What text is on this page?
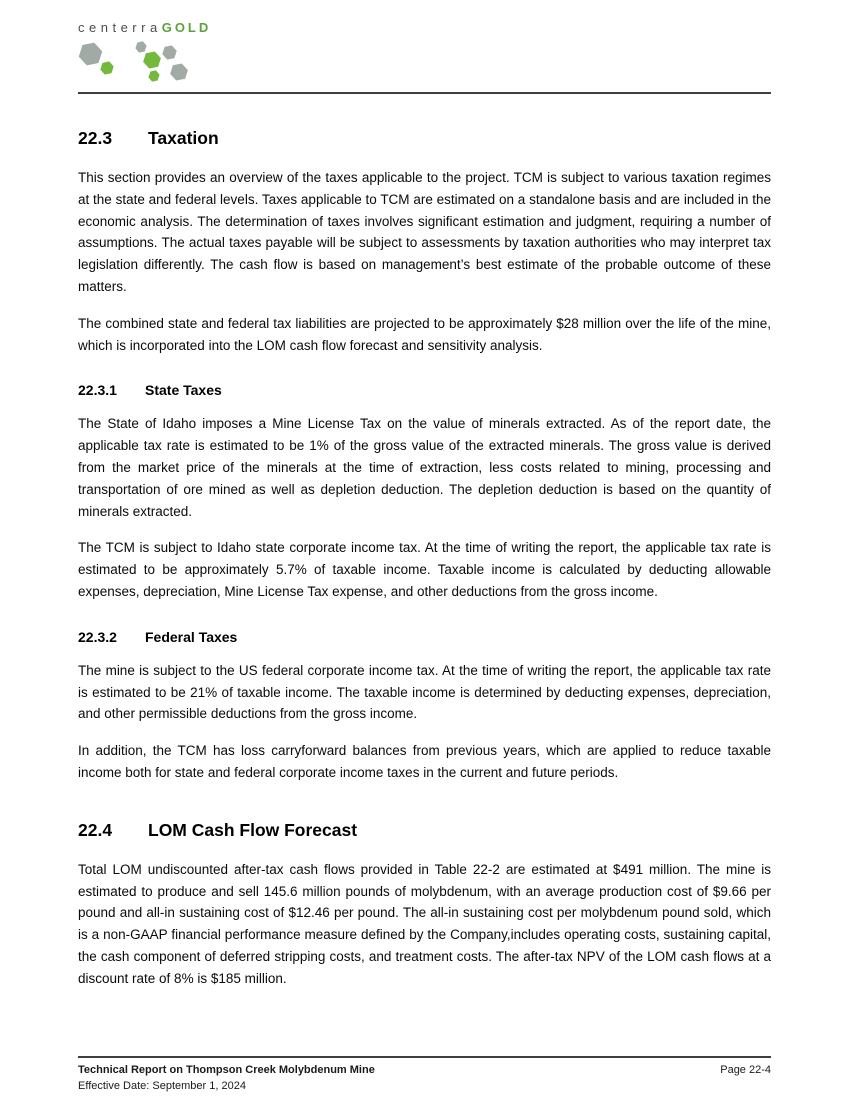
centerraGOLD
22.3	Taxation

This section provides an overview of the taxes applicable to the project. TCM is subject to various taxation regimes at the state and federal levels. Taxes applicable to TCM are estimated on a standalone basis and are included in the economic analysis. The determination of taxes involves significant estimation and judgment, requiring a number of assumptions. The actual taxes payable will be subject to assessments by taxation authorities who may interpret tax legislation differently. The cash flow is based on management’s best estimate of the probable outcome of these matters.

The combined state and federal tax liabilities are projected to be approximately $28 million over the life of the mine, which is incorporated into the LOM cash flow forecast and sensitivity analysis.

22.3.1	State Taxes

The State of Idaho imposes a Mine License Tax on the value of minerals extracted. As of the report date, the applicable tax rate is estimated to be 1% of the gross value of the extracted minerals. The gross value is derived from the market price of the minerals at the time of extraction, less costs related to mining, processing and transportation of ore mined as well as depletion deduction. The depletion deduction is based on the quantity of minerals extracted.

The TCM is subject to Idaho state corporate income tax. At the time of writing the report, the applicable tax rate is estimated to be approximately 5.7% of taxable income. Taxable income is calculated by deducting allowable expenses, depreciation, Mine License Tax expense, and other deductions from the gross income.

22.3.2	Federal Taxes

The mine is subject to the US federal corporate income tax. At the time of writing the report, the applicable tax rate is estimated to be 21% of taxable income. The taxable income is determined by deducting expenses, depreciation, and other permissible deductions from the gross income.

In addition, the TCM has loss carryforward balances from previous years, which are applied to reduce taxable income both for state and federal corporate income taxes in the current and future periods.

22.4	LOM Cash Flow Forecast

Total LOM undiscounted after-tax cash flows provided in Table 22-2 are estimated at $491 million. The mine is estimated to produce and sell 145.6 million pounds of molybdenum, with an average production cost of $9.66 per pound and all-in sustaining cost of $12.46 per pound. The all-in sustaining cost per molybdenum pound sold, which is a non-GAAP financial performance measure defined by the Company,includes operating costs, sustaining capital, the cash component of deferred stripping costs, and treatment costs. The after-tax NPV of the LOM cash flows at a discount rate of 8% is $185 million.

Technical Report on Thompson Creek Molybdenum Mine	Page 22-4
Effective Date: September 1, 2024
